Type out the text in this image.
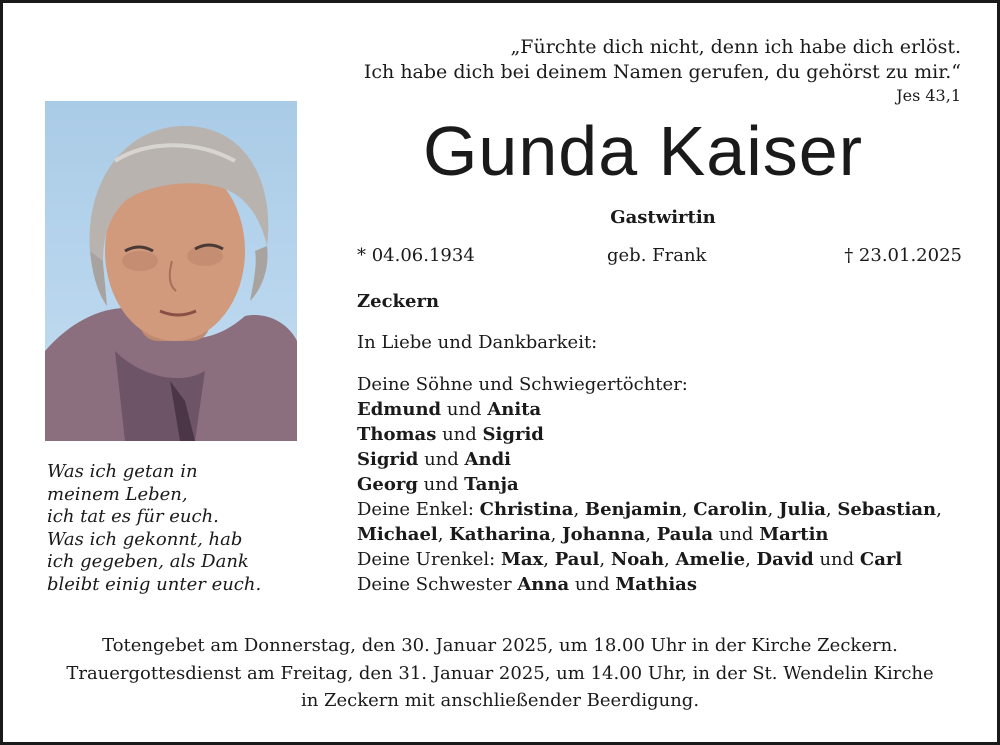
„Fürchte dich nicht, denn ich habe dich erlöst.
Ich habe dich bei deinem Namen gerufen, du gehörst zu mir.“
Jes 43,1
Was ich getan in
meinem Leben,
ich tat es für euch.
Was ich gekonnt, hab
ich gegeben, als Dank
bleibt einig unter euch.
Gunda Kaiser
Gastwirtin
* 04.06.1934	geb. Frank	† 23.01.2025
Zeckern
In Liebe und Dankbarkeit:
Deine Söhne und Schwiegertöchter:
Edmund und Anita
Thomas und Sigrid
Sigrid und Andi
Georg und Tanja
Deine Enkel: Christina, Benjamin, Carolin, Julia, Sebastian,
Michael, Katharina, Johanna, Paula und Martin
Deine Urenkel: Max, Paul, Noah, Amelie, David und Carl
Deine Schwester Anna und Mathias
Totengebet am Donnerstag, den 30. Januar 2025, um 18.00 Uhr in der Kirche Zeckern.
Trauergottesdienst am Freitag, den 31. Januar 2025, um 14.00 Uhr, in der St. Wendelin Kirche
in Zeckern mit anschließender Beerdigung.
